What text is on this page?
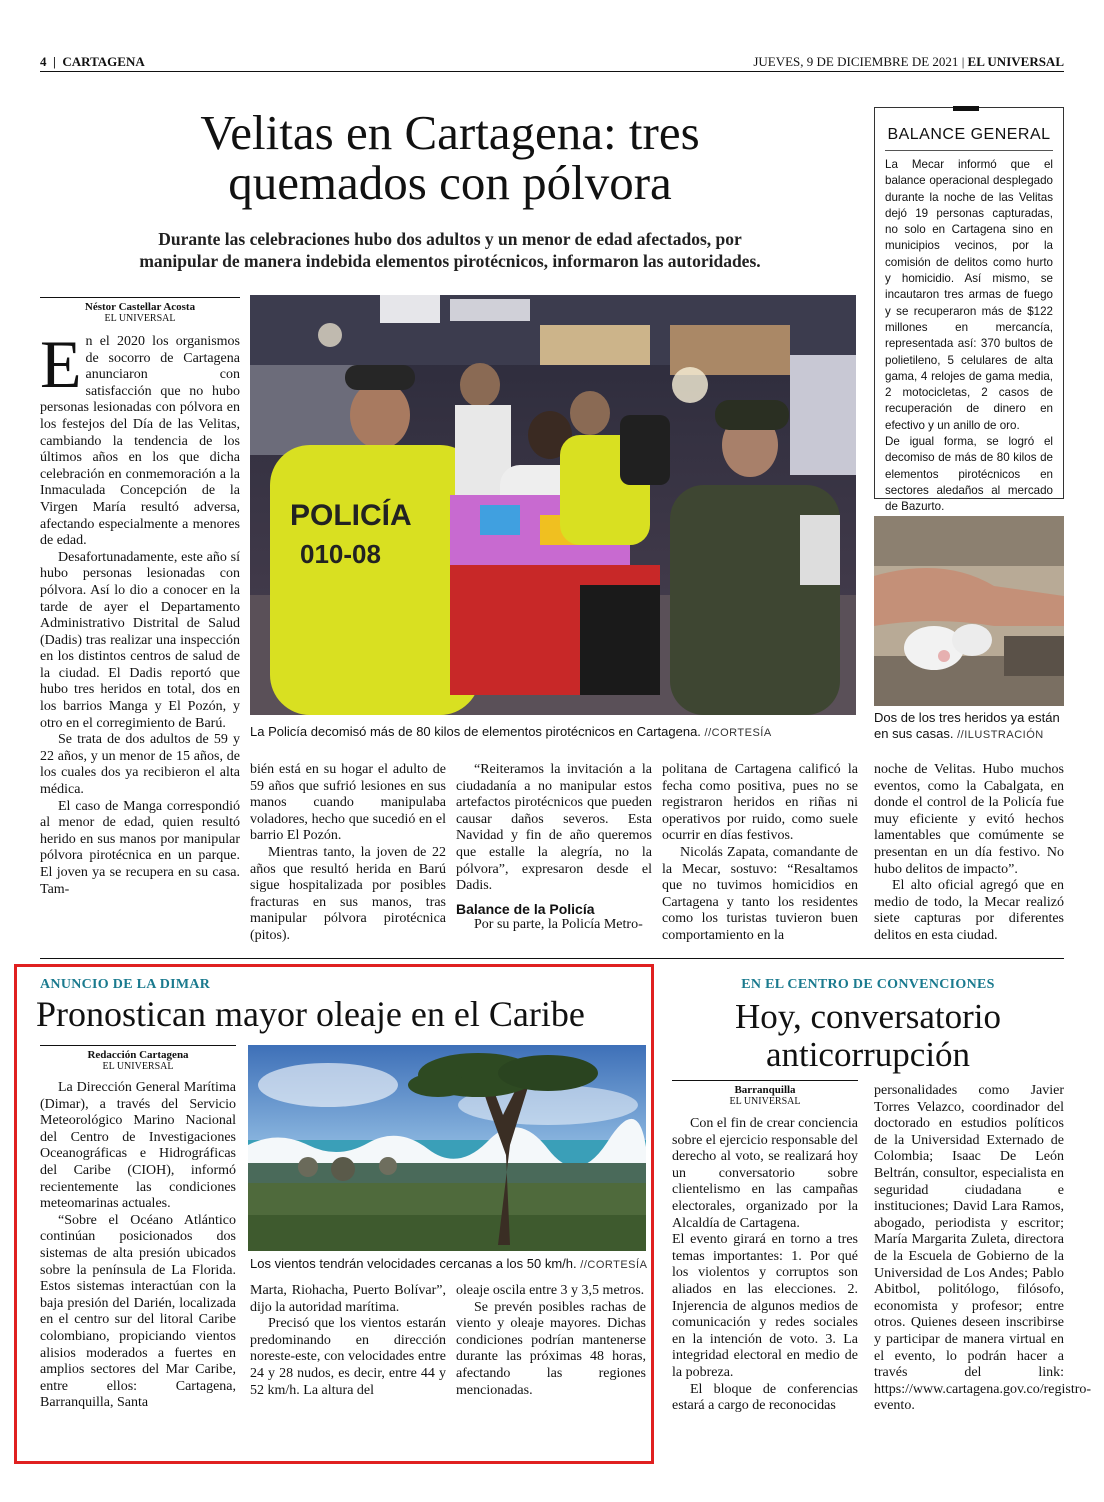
4  |  CARTAGENA	JUEVES, 9 DE DICIEMBRE DE 2021 | EL UNIVERSAL
Velitas en Cartagena: tres
quemados con pólvora
Durante las celebraciones hubo dos adultos y un menor de edad afectados, por
manipular de manera indebida elementos pirotécnicos, informaron las autoridades.
BALANCE GENERAL
La Mecar informó que el balance operacional desplegado durante la noche de las Velitas dejó 19 personas capturadas, no solo en Cartagena sino en municipios vecinos, por la comisión de delitos como hurto y homicidio. Así mismo, se incautaron tres armas de fuego y se recuperaron más de $122 millones en mercancía, representada así: 370 bultos de polietileno, 5 celulares de alta gama, 4 relojes de gama media, 2 motocicletas, 2 casos de recuperación de dinero en efectivo y un anillo de oro.
De igual forma, se logró el decomiso de más de 80 kilos de elementos pirotécnicos en sectores aledaños al mercado de Bazurto.
Néstor Castellar Acosta
EL UNIVERSAL

En el 2020 los organismos de socorro de Cartagena anunciaron con satisfacción que no hubo personas lesionadas con pólvora en los festejos del Día de las Velitas, cambiando la tendencia de los últimos años en los que dicha celebración en conmemoración a la Inmaculada Concepción de la Virgen María resultó adversa, afectando especialmente a menores de edad.

Desafortunadamente, este año sí hubo personas lesionadas con pólvora. Así lo dio a conocer en la tarde de ayer el Departamento Administrativo Distrital de Salud (Dadis) tras realizar una inspección en los distintos centros de salud de la ciudad. El Dadis reportó que hubo tres heridos en total, dos en los barrios Manga y El Pozón, y otro en el corregimiento de Barú.

Se trata de dos adultos de 59 y 22 años, y un menor de 15 años, de los cuales dos ya recibieron el alta médica.

El caso de Manga correspondió al menor de edad, quien resultó herido en sus manos por manipular pólvora pirotécnica en un parque. El joven ya se recupera en su casa. Tam-

POLICÍA
010-08
La Policía decomisó más de 80 kilos de elementos pirotécnicos en Cartagena. //CORTESÍA
Dos de los tres heridos ya están en sus casas. //ILUSTRACIÓN

bién está en su hogar el adulto de 59 años que sufrió lesiones en sus manos cuando manipulaba voladores, hecho que sucedió en el barrio El Pozón.

Mientras tanto, la joven de 22 años que resultó herida en Barú sigue hospitalizada por posibles fracturas en sus manos, tras manipular pólvora pirotécnica (pitos).

“Reiteramos la invitación a la ciudadanía a no manipular estos artefactos pirotécnicos que pueden causar daños severos. Esta Navidad y fin de año queremos que estalle la alegría, no la pólvora”, expresaron desde el Dadis.

Balance de la Policía

Por su parte, la Policía Metro-

politana de Cartagena calificó la fecha como positiva, pues no se registraron heridos en riñas ni operativos por ruido, como suele ocurrir en días festivos.

Nicolás Zapata, comandante de la Mecar, sostuvo: “Resaltamos que no tuvimos homicidios en Cartagena y tanto los residentes como los turistas tuvieron buen comportamiento en la

noche de Velitas. Hubo muchos eventos, como la Cabalgata, en donde el control de la Policía fue muy eficiente y evitó hechos lamentables que comúmente se presentan en un día festivo. No hubo delitos de impacto”.

El alto oficial agregó que en medio de todo, la Mecar realizó siete capturas por diferentes delitos en esta ciudad.

ANUNCIO DE LA DIMAR
Pronostican mayor oleaje en el Caribe
Redacción Cartagena
EL UNIVERSAL

La Dirección General Marítima (Dimar), a través del Servicio Meteorológico Marino Nacional del Centro de Investigaciones Oceanográficas e Hidrográficas del Caribe (CIOH), informó recientemente las condiciones meteomarinas actuales.

“Sobre el Océano Atlántico continúan posicionados dos sistemas de alta presión ubicados sobre la península de La Florida. Estos sistemas interactúan con la baja presión del Darién, localizada en el centro sur del litoral Caribe colombiano, propiciando vientos alisios moderados a fuertes en amplios sectores del Mar Caribe, entre ellos: Cartagena, Barranquilla, Santa

Los vientos tendrán velocidades cercanas a los 50 km/h. //CORTESÍA

Marta, Riohacha, Puerto Bolívar”, dijo la autoridad marítima.

Precisó que los vientos estarán predominando en dirección noreste-este, con velocidades entre 24 y 28 nudos, es decir, entre 44 y 52 km/h. La altura del

oleaje oscila entre 3 y 3,5 metros.

Se prevén posibles rachas de viento y oleaje mayores. Dichas condiciones podrían mantenerse durante las próximas 48 horas, afectando las regiones mencionadas.

EN EL CENTRO DE CONVENCIONES
Hoy, conversatorio
anticorrupción
Barranquilla
EL UNIVERSAL

Con el fin de crear conciencia sobre el ejercicio responsable del derecho al voto, se realizará hoy un conversatorio sobre clientelismo en las campañas electorales, organizado por la Alcaldía de Cartagena.

El evento girará en torno a tres temas importantes: 1. Por qué los violentos y corruptos son aliados en las elecciones. 2. Injerencia de algunos medios de comunicación y redes sociales en la intención de voto. 3. La integridad electoral en medio de la pobreza.

El bloque de conferencias estará a cargo de reconocidas

personalidades como Javier Torres Velazco, coordinador del doctorado en estudios políticos de la Universidad Externado de Colombia; Isaac De León Beltrán, consultor, especialista en seguridad ciudadana e instituciones; David Lara Ramos, abogado, periodista y escritor; María Margarita Zuleta, directora de la Escuela de Gobierno de la Universidad de Los Andes; Pablo Abitbol, politólogo, filósofo, economista y profesor; entre otros. Quienes deseen inscribirse y participar de manera virtual en el evento, lo podrán hacer a través del link: https://www.cartagena.gov.co/registro-evento.
